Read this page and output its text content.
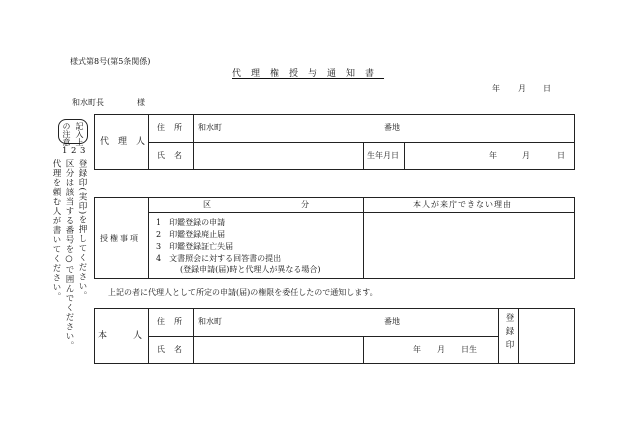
様式第8号(第5条関係)
代理権授与通知書
年 月 日
和水町長	様
記入上
の注意
1 2 3
登録印(実印)を押してください。
区分は該当する番号を○で囲んでください。
代理を頼む人が書いてください。
代理人
住所 和水町	番地
氏名	生年月日	年	月	日
授権事項
区分 本人が来庁できない理由
1　印鑑登録の申請
2　印鑑登録廃止届
3　印鑑登録証亡失届
4　文書照会に対する回答書の提出
(登録申請(届)時と代理人が異なる場合)
上記の者に代理人として所定の申請(届)の権限を委任したので通知します。
本人
住所 和水町	番地
氏名	年　　月　　日生	登録印
